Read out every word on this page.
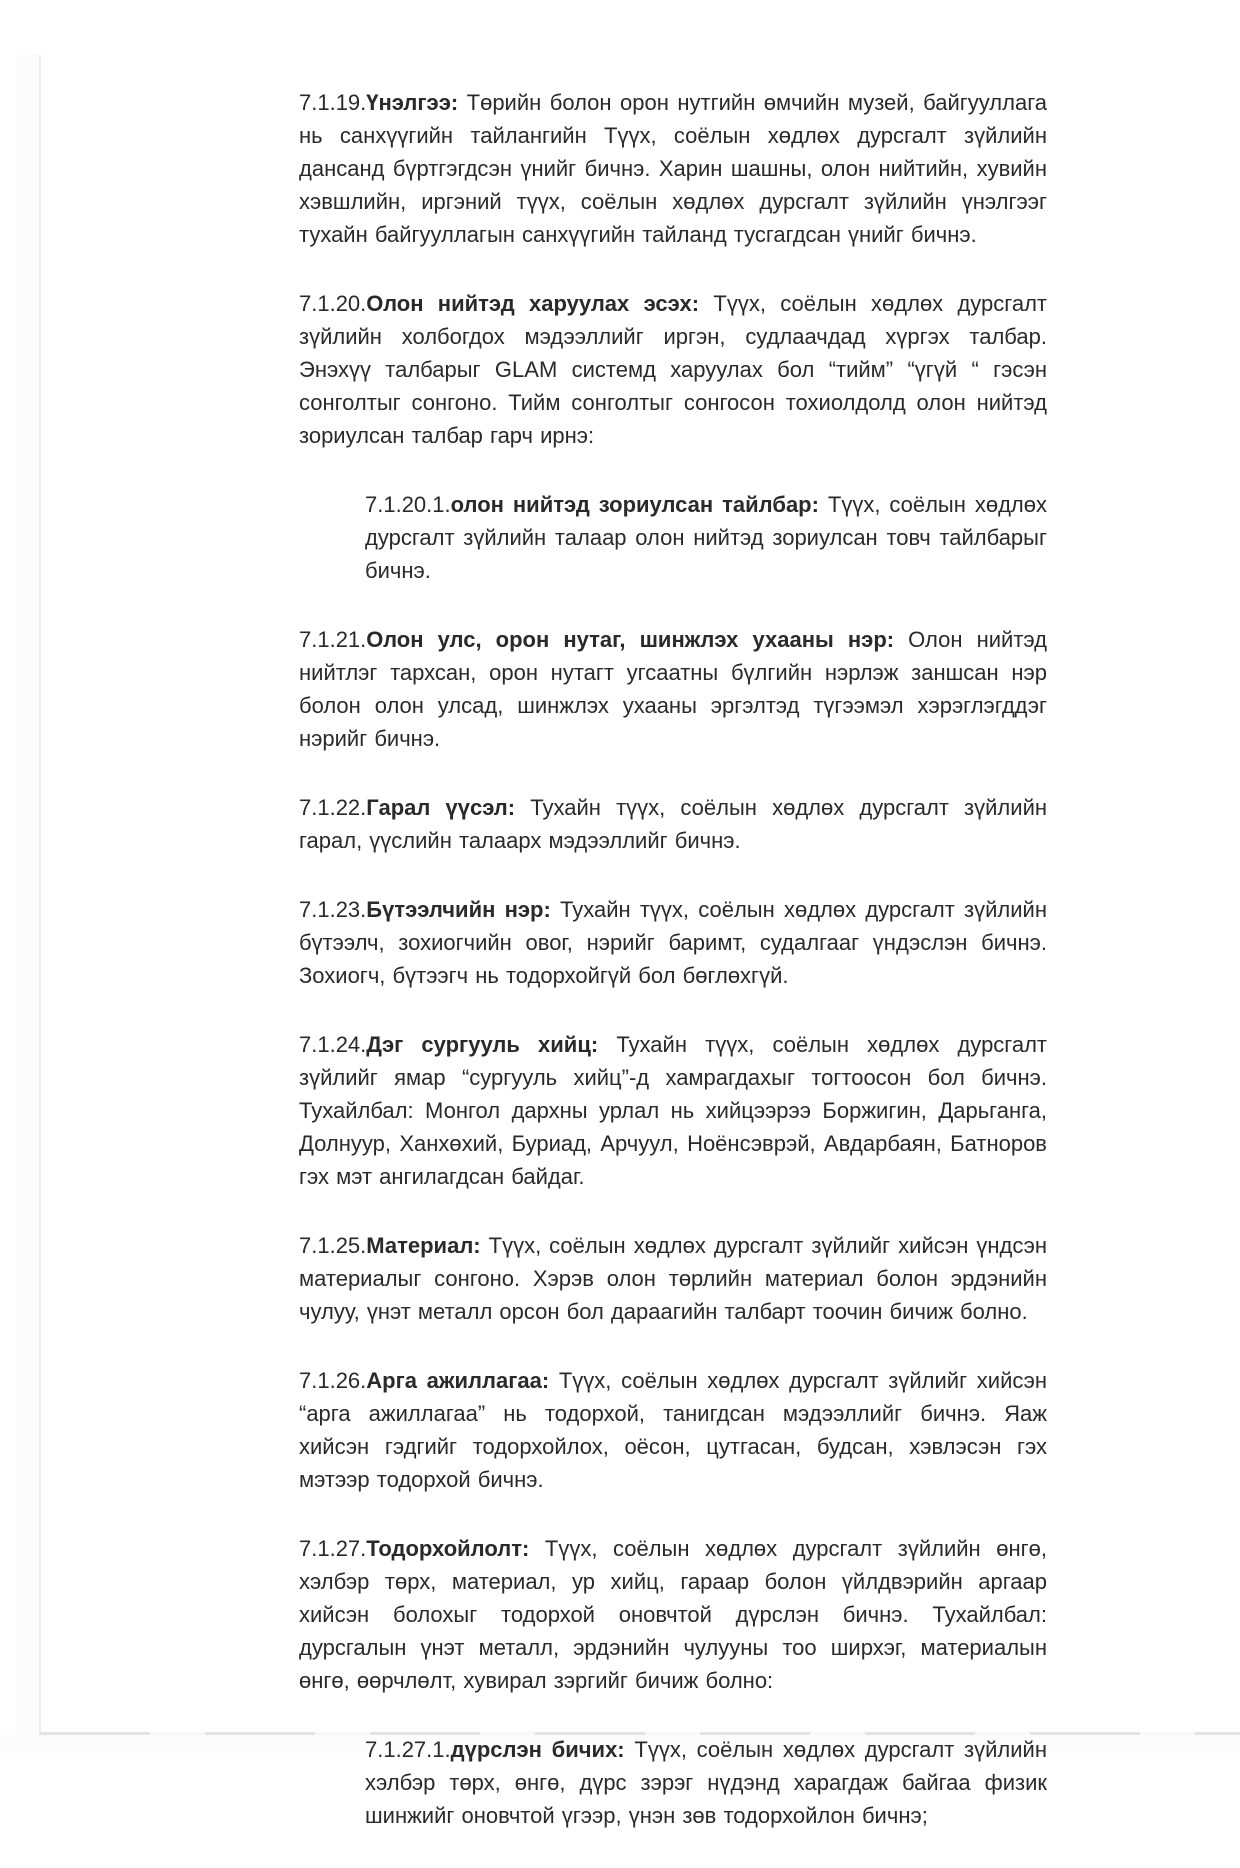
7.1.19.Үнэлгээ: Төрийн болон орон нутгийн өмчийн музей, байгууллага нь санхүүгийн тайлангийн Түүх, соёлын хөдлөх дурсгалт зүйлийн дансанд бүртгэгдсэн үнийг бичнэ. Харин шашны, олон нийтийн, хувийн хэвшлийн, иргэний түүх, соёлын хөдлөх дурсгалт зүйлийн үнэлгээг тухайн байгууллагын санхүүгийн тайланд тусгагдсан үнийг бичнэ.

7.1.20.Олон нийтэд харуулах эсэх: Түүх, соёлын хөдлөх дурсгалт зүйлийн холбогдох мэдээллийг иргэн, судлаачдад хүргэх талбар. Энэхүү талбарыг GLAM системд харуулах бол “тийм” “үгүй “ гэсэн сонголтыг сонгоно. Тийм сонголтыг сонгосон тохиолдолд олон нийтэд зориулсан талбар гарч ирнэ:

7.1.20.1.олон нийтэд зориулсан тайлбар: Түүх, соёлын хөдлөх дурсгалт зүйлийн талаар олон нийтэд зориулсан товч тайлбарыг бичнэ.

7.1.21.Олон улс, орон нутаг, шинжлэх ухааны нэр: Олон нийтэд нийтлэг тархсан, орон нутагт угсаатны бүлгийн нэрлэж заншсан нэр болон олон улсад, шинжлэх ухааны эргэлтэд түгээмэл хэрэглэгддэг нэрийг бичнэ.

7.1.22.Гарал үүсэл: Тухайн түүх, соёлын хөдлөх дурсгалт зүйлийн гарал, үүслийн талаарх мэдээллийг бичнэ.

7.1.23.Бүтээлчийн нэр: Тухайн түүх, соёлын хөдлөх дурсгалт зүйлийн бүтээлч, зохиогчийн овог, нэрийг баримт, судалгааг үндэслэн бичнэ. Зохиогч, бүтээгч нь тодорхойгүй бол бөглөхгүй.

7.1.24.Дэг сургууль хийц: Тухайн түүх, соёлын хөдлөх дурсгалт зүйлийг ямар “сургууль хийц”-д хамрагдахыг тогтоосон бол бичнэ. Тухайлбал: Монгол дархны урлал нь хийцээрээ Боржигин, Дарьганга, Долнуур, Ханхөхий, Буриад, Арчуул, Ноёнсэврэй, Авдарбаян, Батноров гэх мэт ангилагдсан байдаг.

7.1.25.Материал: Түүх, соёлын хөдлөх дурсгалт зүйлийг хийсэн үндсэн материалыг сонгоно. Хэрэв олон төрлийн материал болон эрдэнийн чулуу, үнэт металл орсон бол дараагийн талбарт тоочин бичиж болно.

7.1.26.Арга ажиллагаа: Түүх, соёлын хөдлөх дурсгалт зүйлийг хийсэн “арга ажиллагаа” нь тодорхой, танигдсан мэдээллийг бичнэ. Яаж хийсэн гэдгийг тодорхойлох, оёсон, цутгасан, будсан, хэвлэсэн гэх мэтээр тодорхой бичнэ.

7.1.27.Тодорхойлолт: Түүх, соёлын хөдлөх дурсгалт зүйлийн өнгө, хэлбэр төрх, материал, ур хийц, гараар болон үйлдвэрийн аргаар хийсэн болохыг тодорхой оновчтой дүрслэн бичнэ. Тухайлбал: дурсгалын үнэт металл, эрдэнийн чулууны тоо ширхэг, материалын өнгө, өөрчлөлт, хувирал зэргийг бичиж болно:

7.1.27.1.дүрслэн бичих: Түүх, соёлын хөдлөх дурсгалт зүйлийн хэлбэр төрх, өнгө, дүрс зэрэг нүдэнд харагдаж байгаа физик шинжийг оновчтой үгээр, үнэн зөв тодорхойлон бичнэ;
